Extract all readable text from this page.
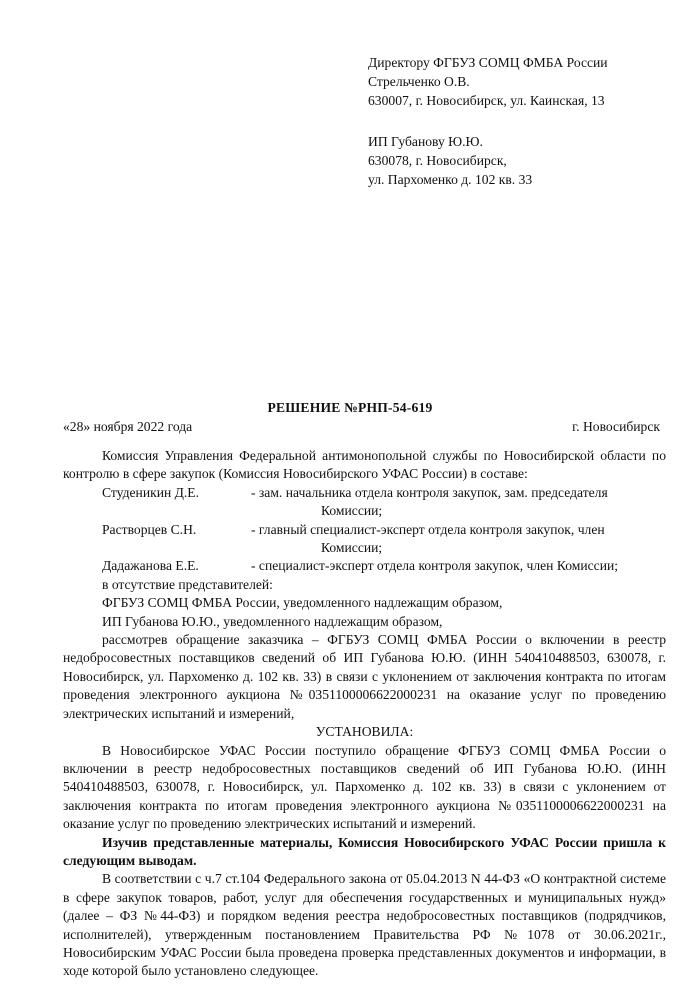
Директору ФГБУЗ СОМЦ ФМБА России
Стрельченко О.В.
630007, г. Новосибирск, ул. Каинская, 13
ИП Губанову Ю.Ю.
630078, г. Новосибирск,
ул. Пархоменко д. 102 кв. 33
РЕШЕНИЕ №РНП-54-619
«28» ноября 2022 года	г. Новосибирск

Комиссия Управления Федеральной антимонопольной службы по Новосибирской области по контролю в сфере закупок (Комиссия Новосибирского УФАС России) в составе:

Студеникин Д.Е.	- зам. начальника отдела контроля закупок, зам. председателя
Комиссии;
Растворцев С.Н.	- главный специалист-эксперт отдела контроля закупок, член
Комиссии;
Дадажанова Е.Е.	- специалист-эксперт отдела контроля закупок, член Комиссии;

в отсутствие представителей:

ФГБУЗ СОМЦ ФМБА России, уведомленного надлежащим образом,

ИП Губанова Ю.Ю., уведомленного надлежащим образом,

рассмотрев обращение заказчика – ФГБУЗ СОМЦ ФМБА России о включении в реестр недобросовестных поставщиков сведений об ИП Губанова Ю.Ю. (ИНН 540410488503, 630078, г. Новосибирск, ул. Пархоменко д. 102 кв. 33) в связи с уклонением от заключения контракта по итогам проведения электронного аукциона №0351100006622000231 на оказание услуг по проведению электрических испытаний и измерений,

УСТАНОВИЛА:

В Новосибирское УФАС России поступило обращение ФГБУЗ СОМЦ ФМБА России о включении в реестр недобросовестных поставщиков сведений об ИП Губанова Ю.Ю. (ИНН 540410488503, 630078, г. Новосибирск, ул. Пархоменко д. 102 кв. 33) в связи с уклонением от заключения контракта по итогам проведения электронного аукциона №0351100006622000231 на оказание услуг по проведению электрических испытаний и измерений.

Изучив представленные материалы, Комиссия Новосибирского УФАС России пришла к следующим выводам.

В соответствии с ч.7 ст.104 Федерального закона от 05.04.2013 N 44-ФЗ «О контрактной системе в сфере закупок товаров, работ, услуг для обеспечения государственных и муниципальных нужд» (далее – ФЗ №44-ФЗ) и порядком ведения реестра недобросовестных поставщиков (подрядчиков, исполнителей), утвержденным постановлением Правительства РФ №1078 от 30.06.2021г., Новосибирским УФАС России была проведена проверка представленных документов и информации, в ходе которой было установлено следующее.
